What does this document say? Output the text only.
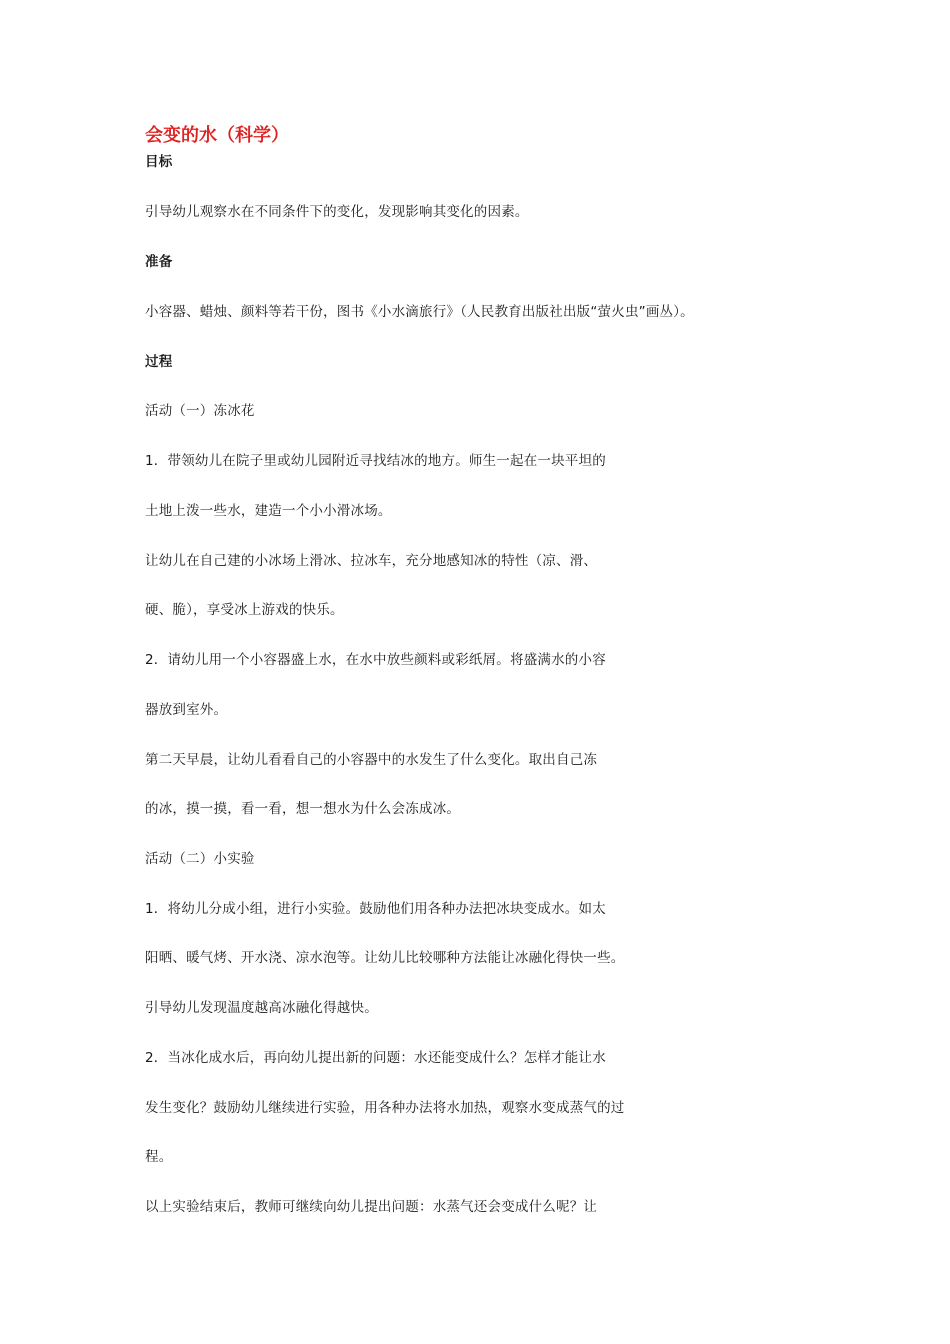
会变的水（科学）
目标
引导幼儿观察水在不同条件下的变化，发现影响其变化的因素。
准备
小容器、蜡烛、颜料等若干份，图书《小水滴旅行》（人民教育出版社出版“萤火虫”画丛）。
过程
活动（一）冻冰花
1．带领幼儿在院子里或幼儿园附近寻找结冰的地方。师生一起在一块平坦的
土地上泼一些水，建造一个小小滑冰场。
让幼儿在自己建的小冰场上滑冰、拉冰车，充分地感知冰的特性（凉、滑、
硬、脆），享受冰上游戏的快乐。
2．请幼儿用一个小容器盛上水，在水中放些颜料或彩纸屑。将盛满水的小容
器放到室外。
第二天早晨，让幼儿看看自己的小容器中的水发生了什么变化。取出自己冻
的冰，摸一摸，看一看，想一想水为什么会冻成冰。
活动（二）小实验
1．将幼儿分成小组，进行小实验。鼓励他们用各种办法把冰块变成水。如太
阳晒、暖气烤、开水浇、凉水泡等。让幼儿比较哪种方法能让冰融化得快一些。
引导幼儿发现温度越高冰融化得越快。
2．当冰化成水后，再向幼儿提出新的问题：水还能变成什么？怎样才能让水
发生变化？鼓励幼儿继续进行实验，用各种办法将水加热，观察水变成蒸气的过
程。
以上实验结束后，教师可继续向幼儿提出问题：水蒸气还会变成什么呢？让
